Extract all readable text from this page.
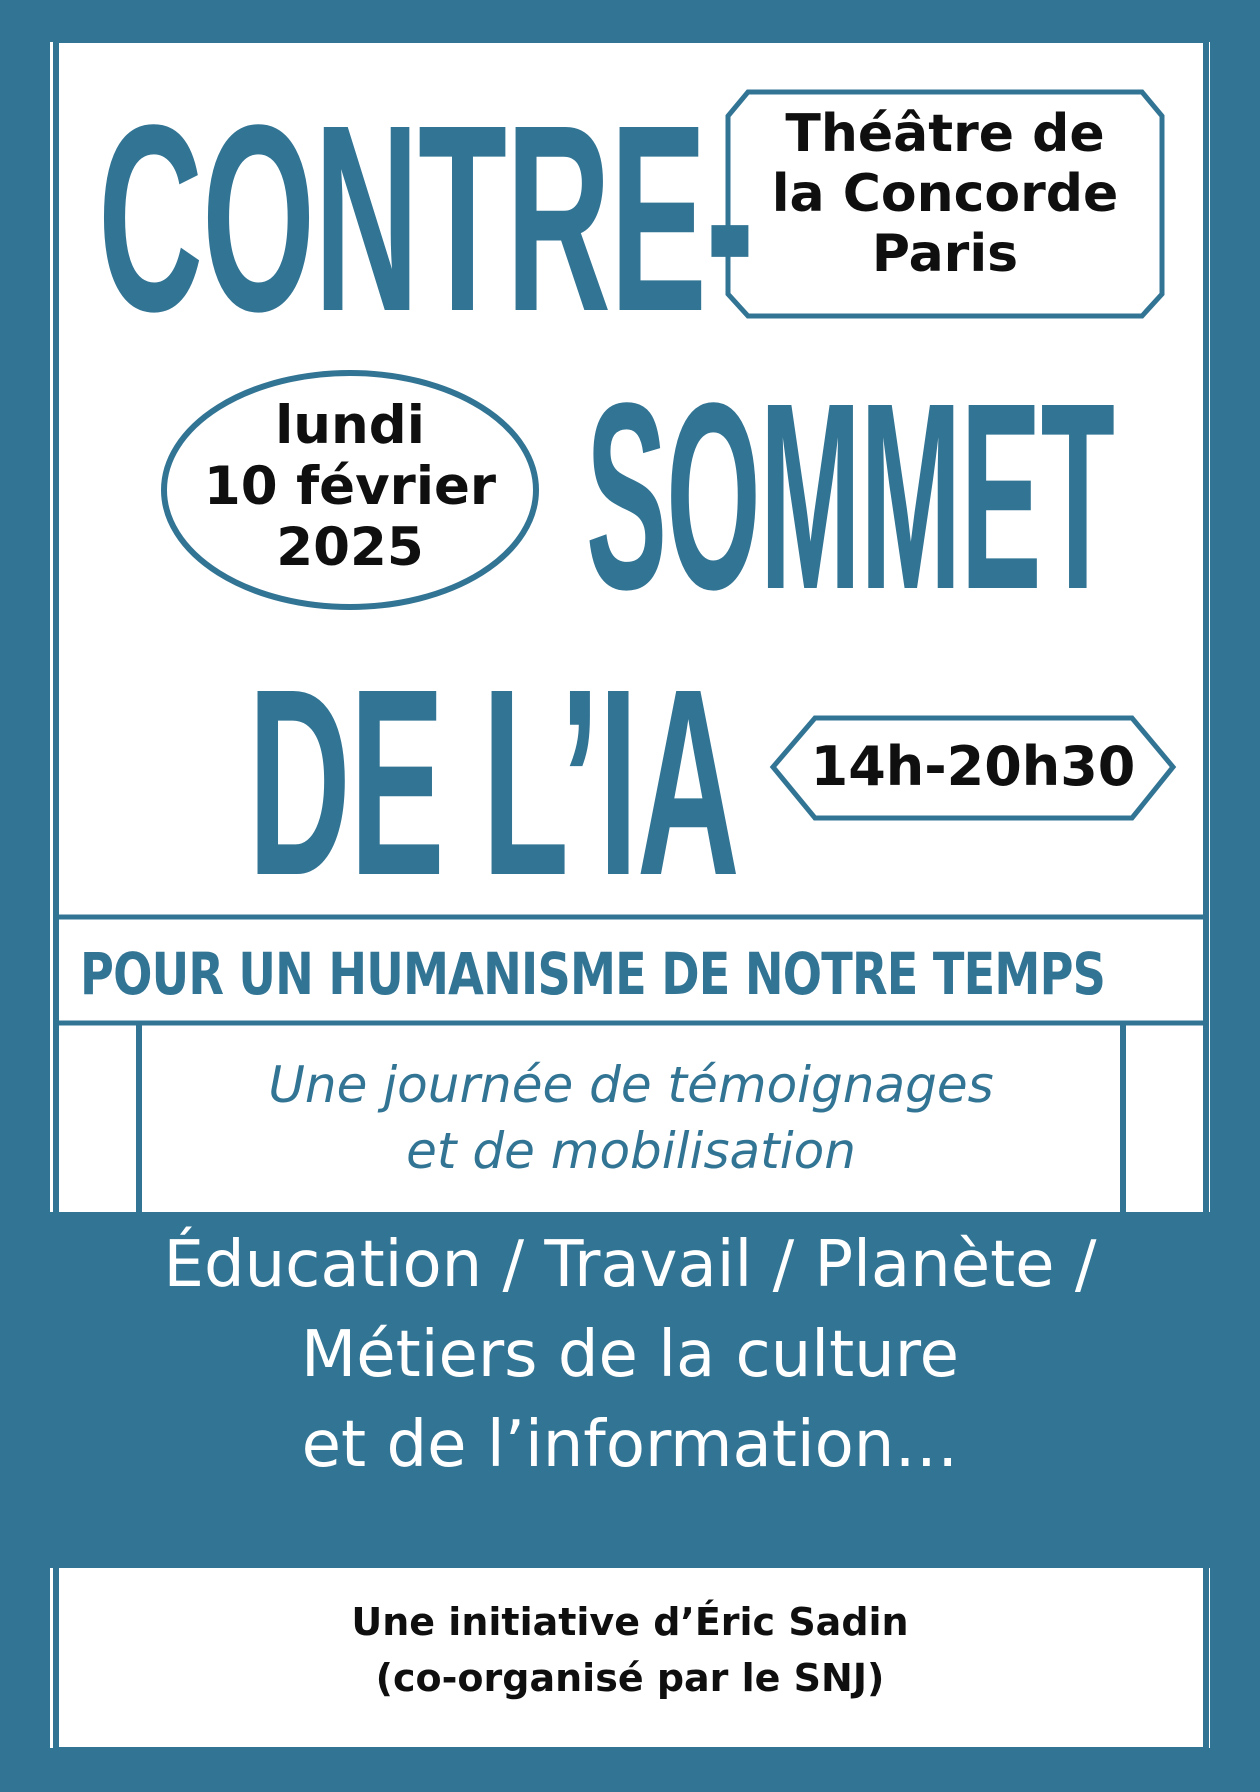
CONTRE-
SOMMET
DE L’IA
Théâtre de
la Concorde
Paris
lundi
10 février
2025
14h-20h30
POUR UN HUMANISME DE NOTRE TEMPS
Une journée de témoignages
et de mobilisation
Éducation / Travail / Planète /
Métiers de la culture
et de l’information…
Une initiative d’Éric Sadin
(co-organisé par le SNJ)
